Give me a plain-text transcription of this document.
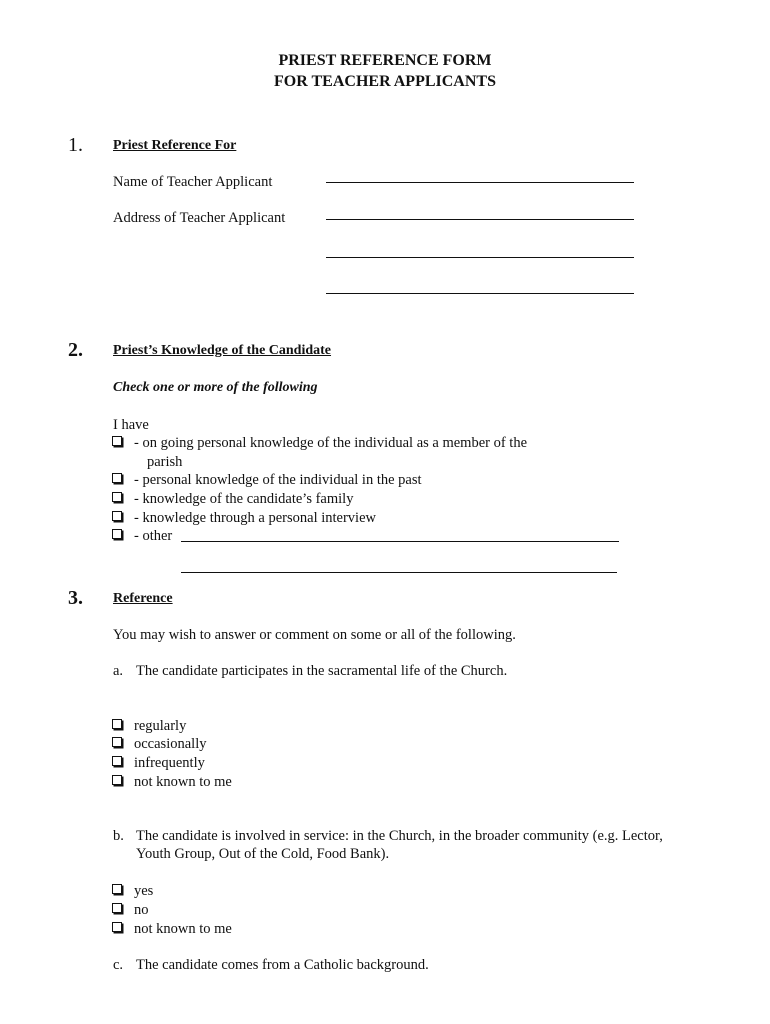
PRIEST REFERENCE FORM
FOR TEACHER APPLICANTS
1. Priest Reference For
Name of Teacher Applicant
Address of Teacher Applicant
2. Priest’s Knowledge of the Candidate
Check one or more of the following
I have
- on going personal knowledge of the individual as a member of the
parish
- personal knowledge of the individual in the past
- knowledge of the candidate’s family
- knowledge through a personal interview
- other
3. Reference
You may wish to answer or comment on some or all of the following.
a. The candidate participates in the sacramental life of the Church.
regularly
occasionally
infrequently
not known to me
b. The candidate is involved in service: in the Church, in the broader community (e.g. Lector,
Youth Group, Out of the Cold, Food Bank).
yes
no
not known to me
c. The candidate comes from a Catholic background.
